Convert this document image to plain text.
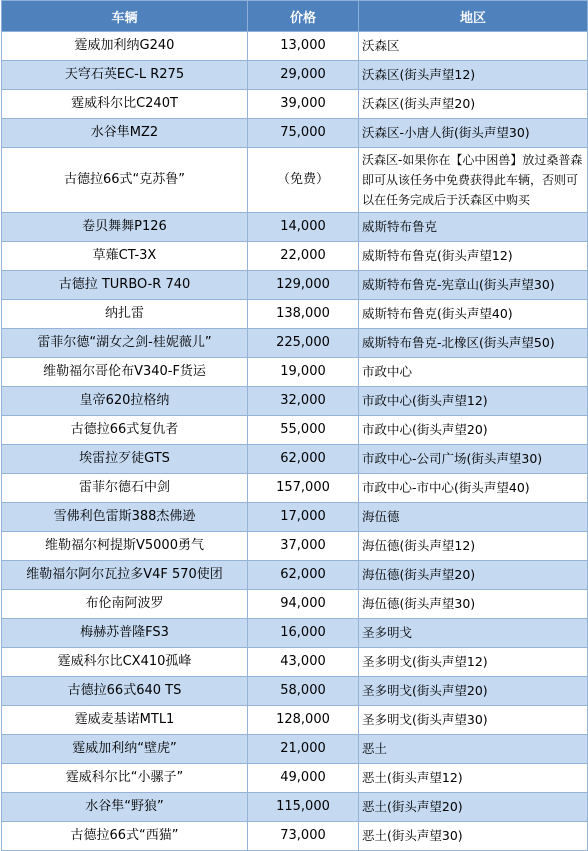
车辆	价格	地区
霆威加利纳G240	13,000	沃森区
天穹石英EC-L R275	29,000	沃森区(街头声望12)
霆威科尔比C240T	39,000	沃森区(街头声望20)
水谷隼MZ2	75,000	沃森区-小唐人街(街头声望30)
古德拉66式“克苏鲁”	（免费）	沃森区-如果你在【心中困兽】放过桑普森即可从该任务中免费获得此车辆，否则可以在任务完成后于沃森区中购买
卷贝舞舞P126	14,000	威斯特布鲁克
草薙CT-3X	22,000	威斯特布鲁克(街头声望12)
古德拉 TURBO-R 740	129,000	威斯特布鲁克-宪章山(街头声望30)
纳扎雷	138,000	威斯特布鲁克(街头声望40)
雷菲尔德“湖女之剑-桂妮薇儿”	225,000	威斯特布鲁克-北橡区(街头声望50)
维勒福尔哥伦布V340-F货运	19,000	市政中心
皇帝620拉格纳	32,000	市政中心(街头声望12)
古德拉66式复仇者	55,000	市政中心(街头声望20)
埃雷拉歹徒GTS	62,000	市政中心-公司广场(街头声望30)
雷菲尔德石中剑	157,000	市政中心-市中心(街头声望40)
雪佛利色雷斯388杰佛逊	17,000	海伍德
维勒福尔柯提斯V5000勇气	37,000	海伍德(街头声望12)
维勒福尔阿尔瓦拉多V4F 570使团	62,000	海伍德(街头声望20)
布伦南阿波罗	94,000	海伍德(街头声望30)
梅赫苏普隆FS3	16,000	圣多明戈
霆威科尔比CX410孤峰	43,000	圣多明戈(街头声望12)
古德拉66式640 TS	58,000	圣多明戈(街头声望20)
霆威麦基诺MTL1	128,000	圣多明戈(街头声望30)
霆威加利纳“壁虎”	21,000	恶土
霆威科尔比“小骡子”	49,000	恶土(街头声望12)
水谷隼“野狼”	115,000	恶土(街头声望20)
古德拉66式“西猫”	73,000	恶土(街头声望30)
